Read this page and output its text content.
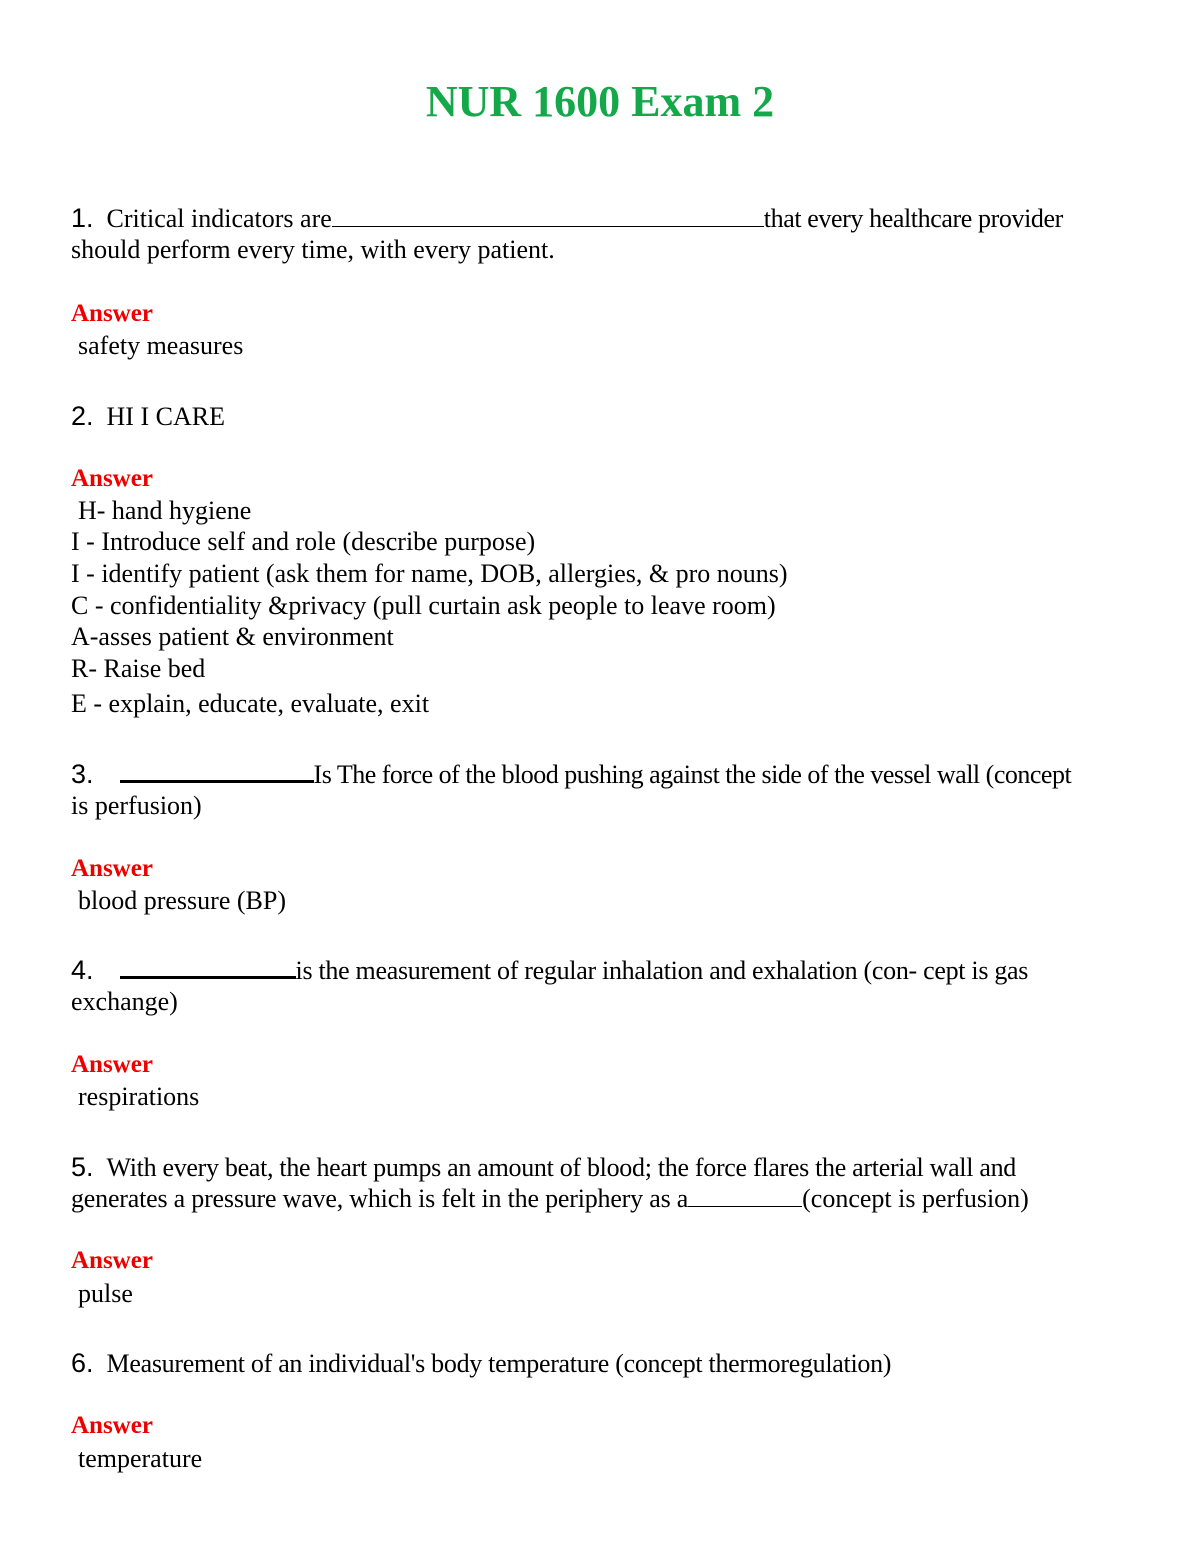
NUR 1600 Exam 2
1. Critical indicators are	that every healthcare provider
should perform every time, with every patient.
Answer
safety measures
2. HI I CARE
Answer
H- hand hygiene
I - Introduce self and role (describe purpose)
I - identify patient (ask them for name, DOB, allergies, & pro nouns)
C - confidentiality &privacy (pull curtain ask people to leave room)
A-asses patient & environment
R- Raise bed
E - explain, educate, evaluate, exit
3.	Is The force of the blood pushing against the side of the vessel wall (concept
is perfusion)
Answer
blood pressure (BP)
4.	is the measurement of regular inhalation and exhalation (con- cept is gas
exchange)
Answer
respirations
5. With every beat, the heart pumps an amount of blood; the force flares the arterial wall and
generates a pressure wave, which is felt in the periphery as a	(concept is perfusion)
Answer
pulse
6. Measurement of an individual's body temperature (concept thermoregulation)
Answer
temperature
